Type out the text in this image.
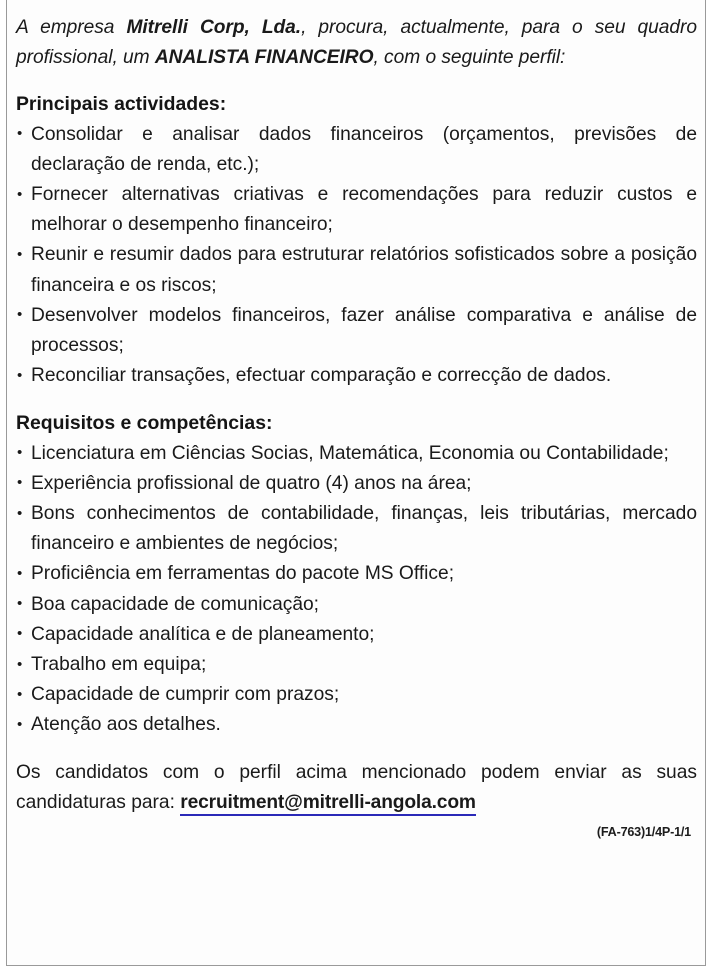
A empresa Mitrelli Corp, Lda., procura, actualmente, para o seu quadro profissional, um ANALISTA FINANCEIRO, com o seguinte perfil:

Principais actividades:
• Consolidar e analisar dados financeiros (orçamentos, previsões de declaração de renda, etc.);
• Fornecer alternativas criativas e recomendações para reduzir custos e melhorar o desempenho financeiro;
• Reunir e resumir dados para estruturar relatórios sofisticados sobre a posição financeira e os riscos;
• Desenvolver modelos financeiros, fazer análise comparativa e análise de processos;
• Reconciliar transações, efectuar comparação e correcção de dados.
Requisitos e competências:
• Licenciatura em Ciências Socias, Matemática, Economia ou Contabilidade;
• Experiência profissional de quatro (4) anos na área;
• Bons conhecimentos de contabilidade, finanças, leis tributárias, mercado financeiro e ambientes de negócios;
• Proficiência em ferramentas do pacote MS Office;
• Boa capacidade de comunicação;
• Capacidade analítica e de planeamento;
• Trabalho em equipa;
• Capacidade de cumprir com prazos;
• Atenção aos detalhes.

Os candidatos com o perfil acima mencionado podem enviar as suas candidaturas para: recruitment@mitrelli-angola.com

(FA-763)1/4P-1/1
